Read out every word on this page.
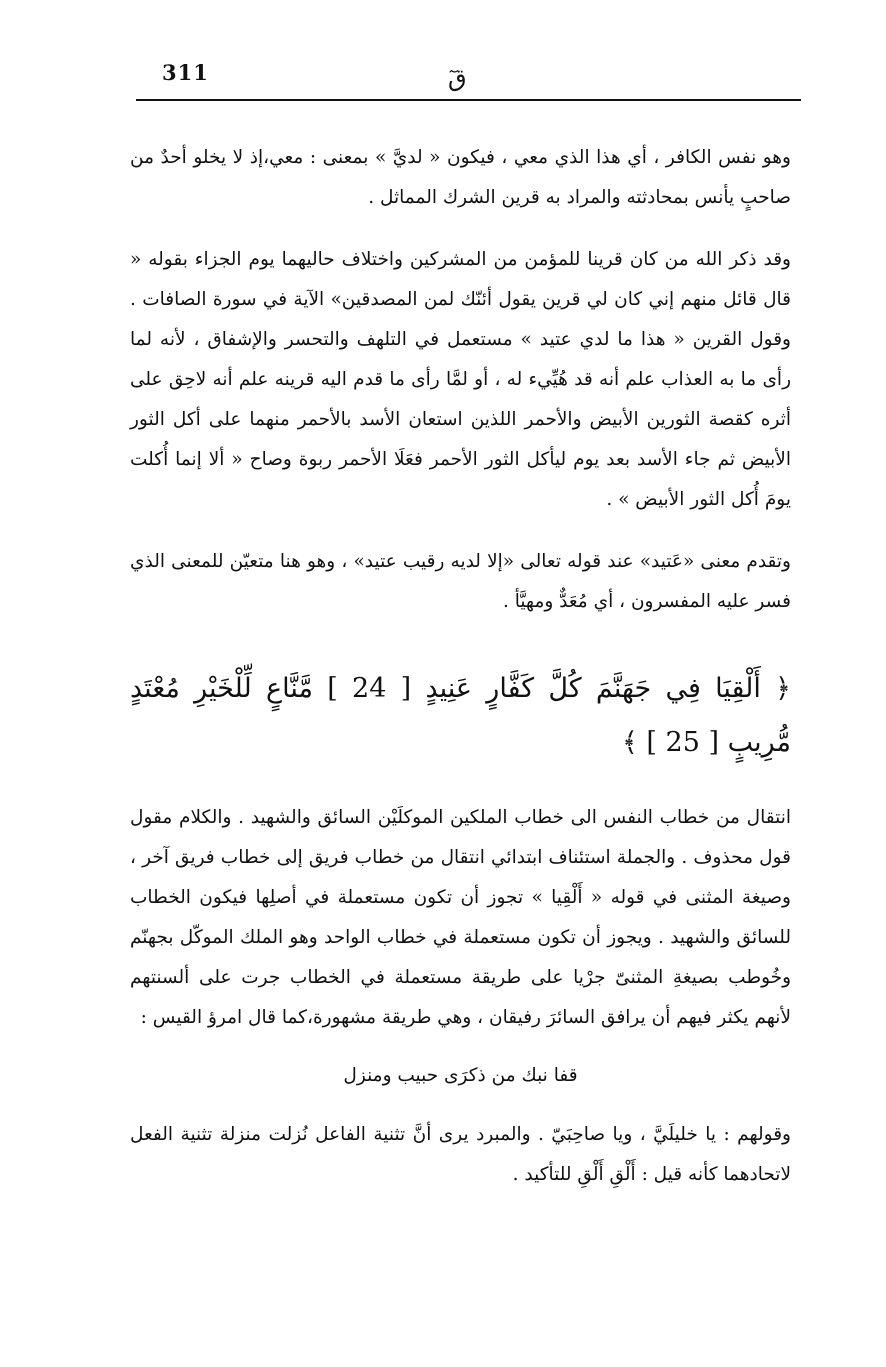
311	قٓ

وهو نفس الكافر ، أي هذا الذي معي ، فيكون « لديَّ » بمعنى : معي،إذ لا يخلو أحدٌ من صاحبٍ يأنس بمحادثته والمراد به قرين الشرك المماثل .

وقد ذكر الله من كان قرينا للمؤمن من المشركين واختلاف حاليهما يوم الجزاء بقوله « قال قائل منهم إني كان لي قرين يقول أئنّك لمن المصدقين» الآية في سورة الصافات . وقول القرين « هذا ما لدي عتيد » مستعمل في التلهف والتحسر والإشفاق ، لأنه لما رأى ما به العذاب علم أنه قد هُيِّيء له ، أو لمَّا رأى ما قدم اليه قرينه علم أنه لاحِق على أثره كقصة الثورين الأبيض والأحمر اللذين استعان الأسد بالأحمر منهما على أكل الثور الأبيض ثم جاء الأسد بعد يوم ليأكل الثور الأحمر فعَلَا الأحمر ربوة وصاح « ألا إنما أُكلت يومَ أُكل الثور الأبيض » .

وتقدم معنى «عَتيد» عند قوله تعالى «إلا لديه رقيب عتيد» ، وهو هنا متعيّن للمعنى الذي فسر عليه المفسرون ، أي مُعَدٌّ ومهيَّأ .

﴿ أَلْقِيَا فِي جَهَنَّمَ كُلَّ كَفَّارٍ عَنِيدٍ [ 24 ] مَّنَّاعٍ لِّلْخَيْرِ مُعْتَدٍ مُّرِيبٍ [ 25 ] ﴾

انتقال من خطاب النفس الى خطاب الملكين الموكلَيْن السائق والشهيد . والكلام مقول قول محذوف . والجملة استئناف ابتدائي انتقال من خطاب فريق إلى خطاب فريق آخر ، وصيغة المثنى في قوله « أَلْقِيا » تجوز أن تكون مستعملة في أصلِها فيكون الخطاب للسائق والشهيد . ويجوز أن تكون مستعملة في خطاب الواحد وهو الملك الموكّل بجهنّم وخُوطب بصيغةِ المثنىّ جرْيا على طريقة مستعملة في الخطاب جرت على ألسنتهم لأنهم يكثر فيهم أن يرافق السائرَ رفيقان ، وهي طريقة مشهورة،كما قال امرؤ القيس :

قفا نبك من ذكرَى حبيب ومنزل

وقولهم : يا خليلَيَّ ، ويا صاحِبَيّ . والمبرد يرى أنَّ تثنية الفاعل نُزلت منزلة تثنية الفعل لاتحادهما كأنه قيل : أَلْقِ أَلْقِ للتأكيد .
